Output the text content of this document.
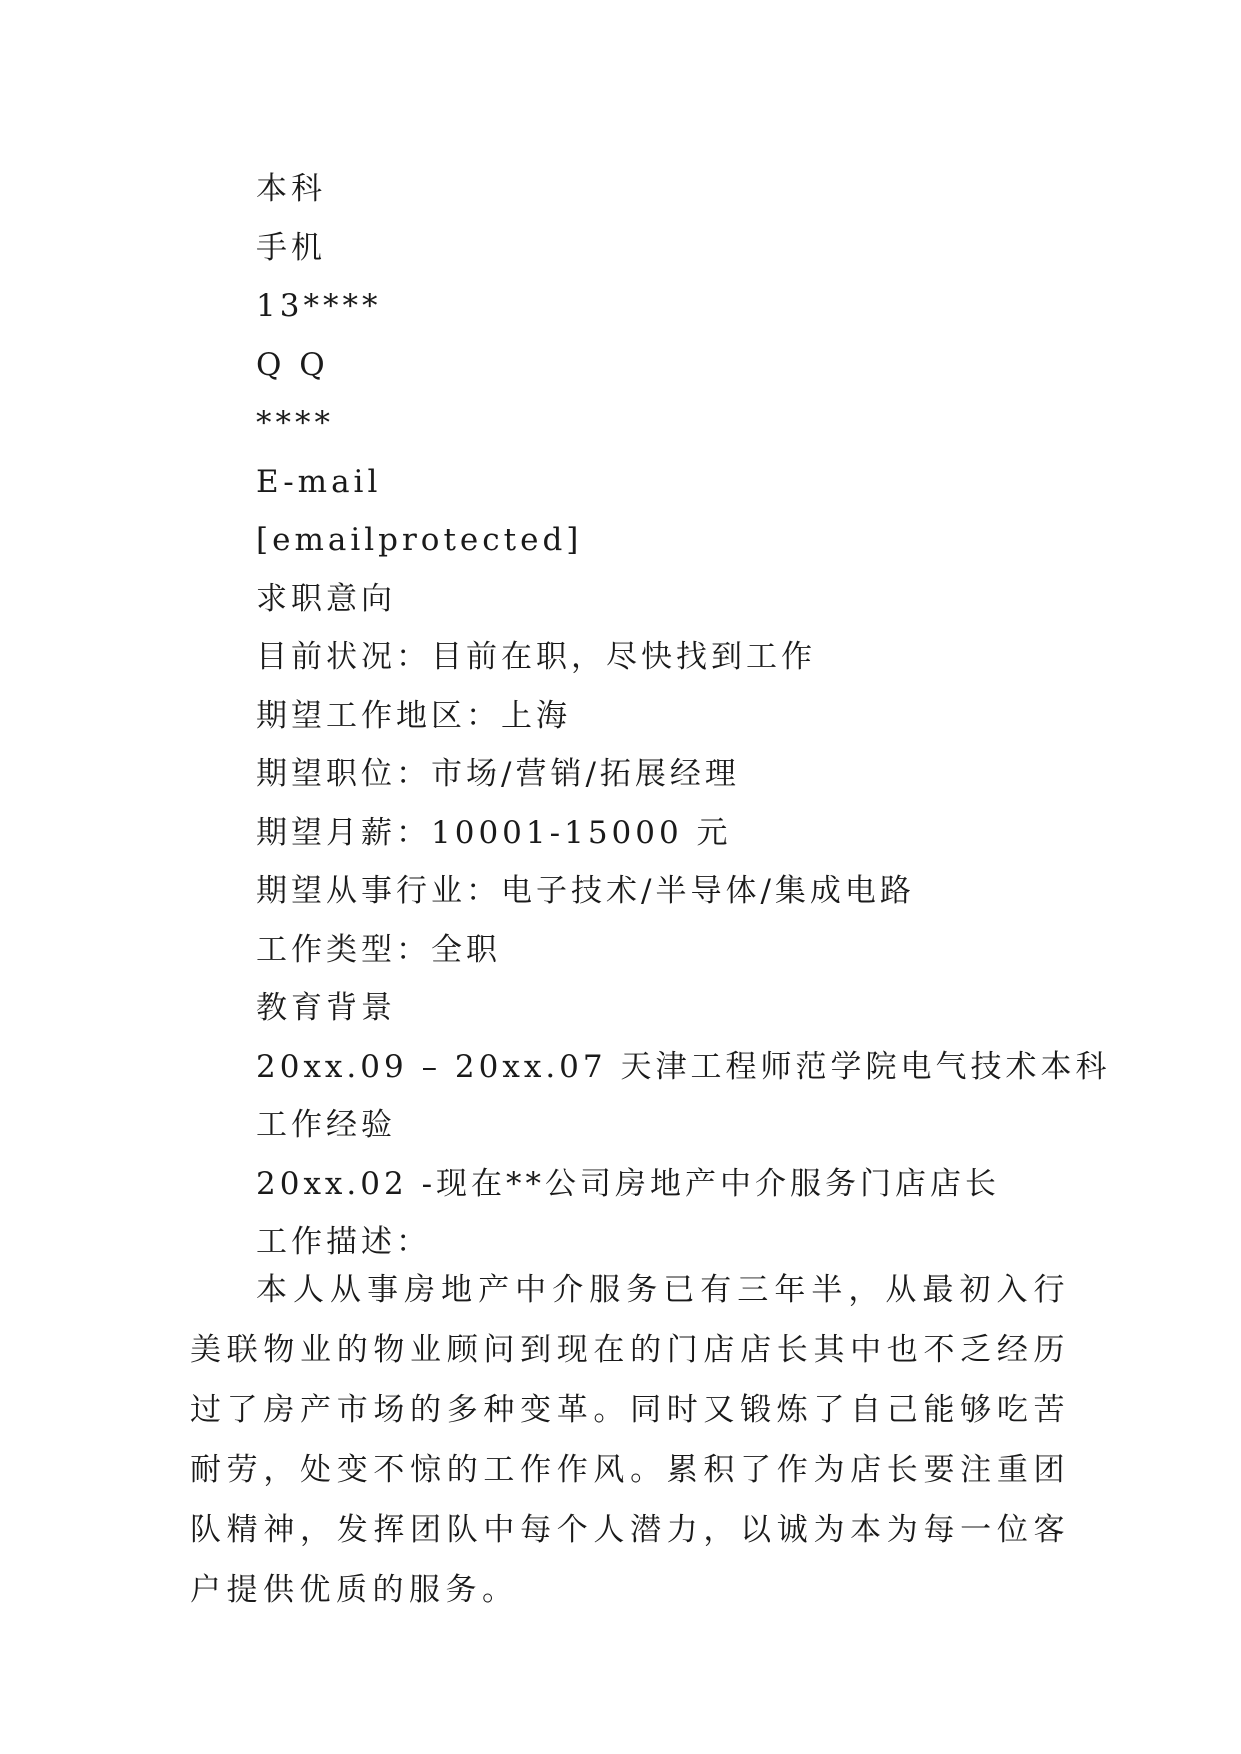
本科
手机
13****
Q Q
****
E-mail
[emailprotected]
求职意向
目前状况：目前在职，尽快找到工作
期望工作地区：上海
期望职位：市场/营销/拓展经理
期望月薪：10001-15000 元
期望从事行业：电子技术/半导体/集成电路
工作类型：全职
教育背景
20xx.09 – 20xx.07 天津工程师范学院电气技术本科
工作经验
20xx.02 -现在**公司房地产中介服务门店店长
工作描述：

本人从事房地产中介服务已有三年半，从最初入行美联物业的物业顾问到现在的门店店长其中也不乏经历过了房产市场的多种变革。同时又锻炼了自己能够吃苦耐劳，处变不惊的工作作风。累积了作为店长要注重团队精神，发挥团队中每个人潜力，以诚为本为每一位客户提供优质的服务。
